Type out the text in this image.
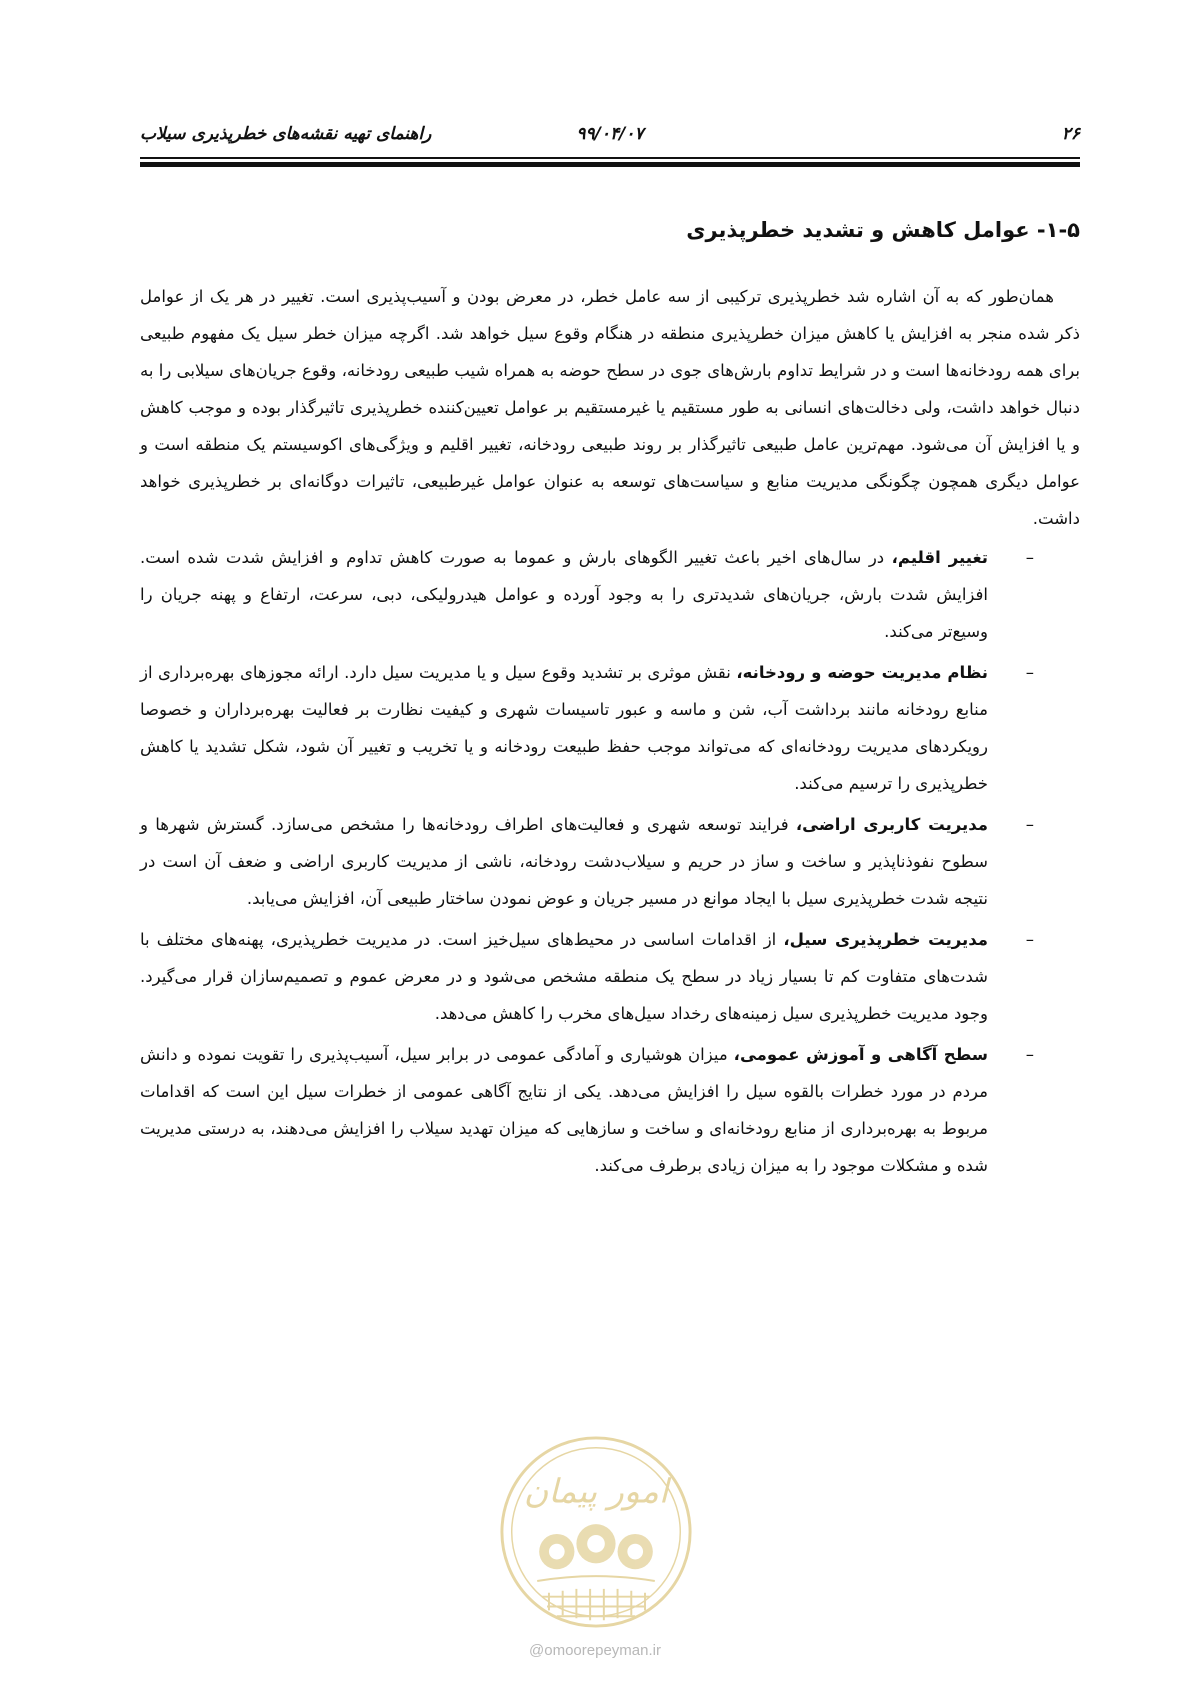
۲۶
۹۹/۰۴/۰۷
راهنمای تهیه نقشه‌های خطرپذیری سیلاب
۱-۵- عوامل کاهش و تشدید خطرپذیری

همان‌طور که به آن اشاره شد خطرپذیری ترکیبی از سه عامل خطر، در معرض بودن و آسیب‌پذیری است. تغییر در هر یک از عوامل ذکر شده منجر به افزایش یا کاهش میزان خطرپذیری منطقه در هنگام وقوع سیل خواهد شد. اگرچه میزان خطر سیل یک مفهوم طبیعی برای همه رودخانه‌ها است و در شرایط تداوم بارش‌های جوی در سطح حوضه به همراه شیب طبیعی رودخانه، وقوع جریان‌های سیلابی را به دنبال خواهد داشت، ولی دخالت‌های انسانی به طور مستقیم یا غیرمستقیم بر عوامل تعیین‌کننده خطرپذیری تاثیرگذار بوده و موجب کاهش و یا افزایش آن می‌شود. مهم‌ترین عامل طبیعی تاثیرگذار بر روند طبیعی رودخانه، تغییر اقلیم و ویژگی‌های اکوسیستم یک منطقه است و عوامل دیگری همچون چگونگی مدیریت منابع و سیاست‌های توسعه به عنوان عوامل غیرطبیعی، تاثیرات دوگانه‌ای بر خطرپذیری خواهد داشت.

–
تغییر اقلیم، در سال‌های اخیر باعث تغییر الگوهای بارش و عموما به صورت کاهش تداوم و افزایش شدت شده است. افزایش شدت بارش، جریان‌های شدیدتری را به وجود آورده و عوامل هیدرولیکی، دبی، سرعت، ارتفاع و پهنه جریان را وسیع‌تر می‌کند.
–
نظام مدیریت حوضه و رودخانه، نقش موثری بر تشدید وقوع سیل و یا مدیریت سیل دارد. ارائه مجوزهای بهره‌برداری از منابع رودخانه مانند برداشت آب، شن و ماسه و عبور تاسیسات شهری و کیفیت نظارت بر فعالیت بهره‌برداران و خصوصا رویکردهای مدیریت رودخانه‌ای که می‌تواند موجب حفظ طبیعت رودخانه و یا تخریب و تغییر آن شود، شکل تشدید یا کاهش خطرپذیری را ترسیم می‌کند.
–
مدیریت کاربری اراضی، فرایند توسعه شهری و فعالیت‌های اطراف رودخانه‌ها را مشخص می‌سازد. گسترش شهرها و سطوح نفوذناپذیر و ساخت و ساز در حریم و سیلاب‌دشت رودخانه، ناشی از مدیریت کاربری اراضی و ضعف آن است در نتیجه شدت خطرپذیری سیل با ایجاد موانع در مسیر جریان و عوض نمودن ساختار طبیعی آن، افزایش می‌یابد.
–
مدیریت خطرپذیری سیل، از اقدامات اساسی در محیط‌های سیل‌خیز است. در مدیریت خطرپذیری، پهنه‌های مختلف با شدت‌های متفاوت کم تا بسیار زیاد در سطح یک منطقه مشخص می‌شود و در معرض عموم و تصمیم‌سازان قرار می‌گیرد. وجود مدیریت خطرپذیری سیل زمینه‌های رخداد سیل‌های مخرب را کاهش می‌دهد.
–
سطح آگاهی و آموزش عمومی، میزان هوشیاری و آمادگی عمومی در برابر سیل، آسیب‌پذیری را تقویت نموده و دانش مردم در مورد خطرات بالقوه سیل را افزایش می‌دهد. یکی از نتایج آگاهی عمومی از خطرات سیل این است که اقدامات مربوط به بهره‌برداری از منابع رودخانه‌ای و ساخت و سازهایی که میزان تهدید سیلاب را افزایش می‌دهند، به درستی مدیریت شده و مشکلات موجود را به میزان زیادی برطرف می‌کند.
امور پیمان
@omoorepeyman.ir
